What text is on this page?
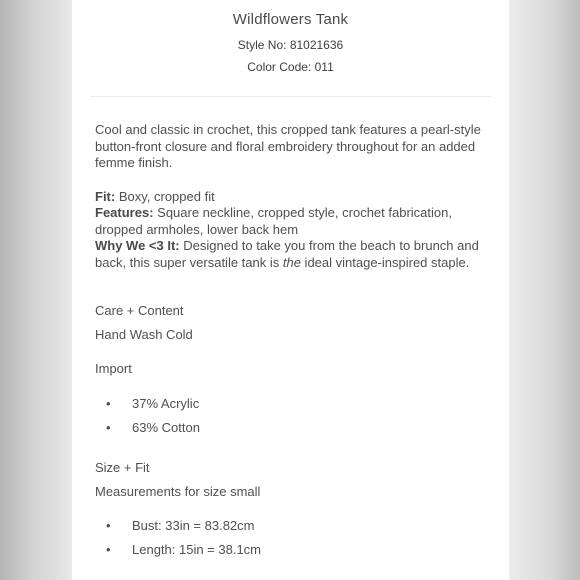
Wildflowers Tank
Style No: 81021636
Color Code: 011

Cool and classic in crochet, this cropped tank features a pearl-style button-front closure and floral embroidery throughout for an added femme finish.

Fit: Boxy, cropped fit

Features: Square neckline, cropped style, crochet fabrication, dropped armholes, lower back hem

Why We <3 It: Designed to take you from the beach to brunch and back, this super versatile tank is the ideal vintage-inspired staple.

Care + Content
Hand Wash Cold
Import
•	37% Acrylic
•	63% Cotton
Size + Fit
Measurements for size small
•	Bust: 33in = 83.82cm
•	Length: 15in = 38.1cm
